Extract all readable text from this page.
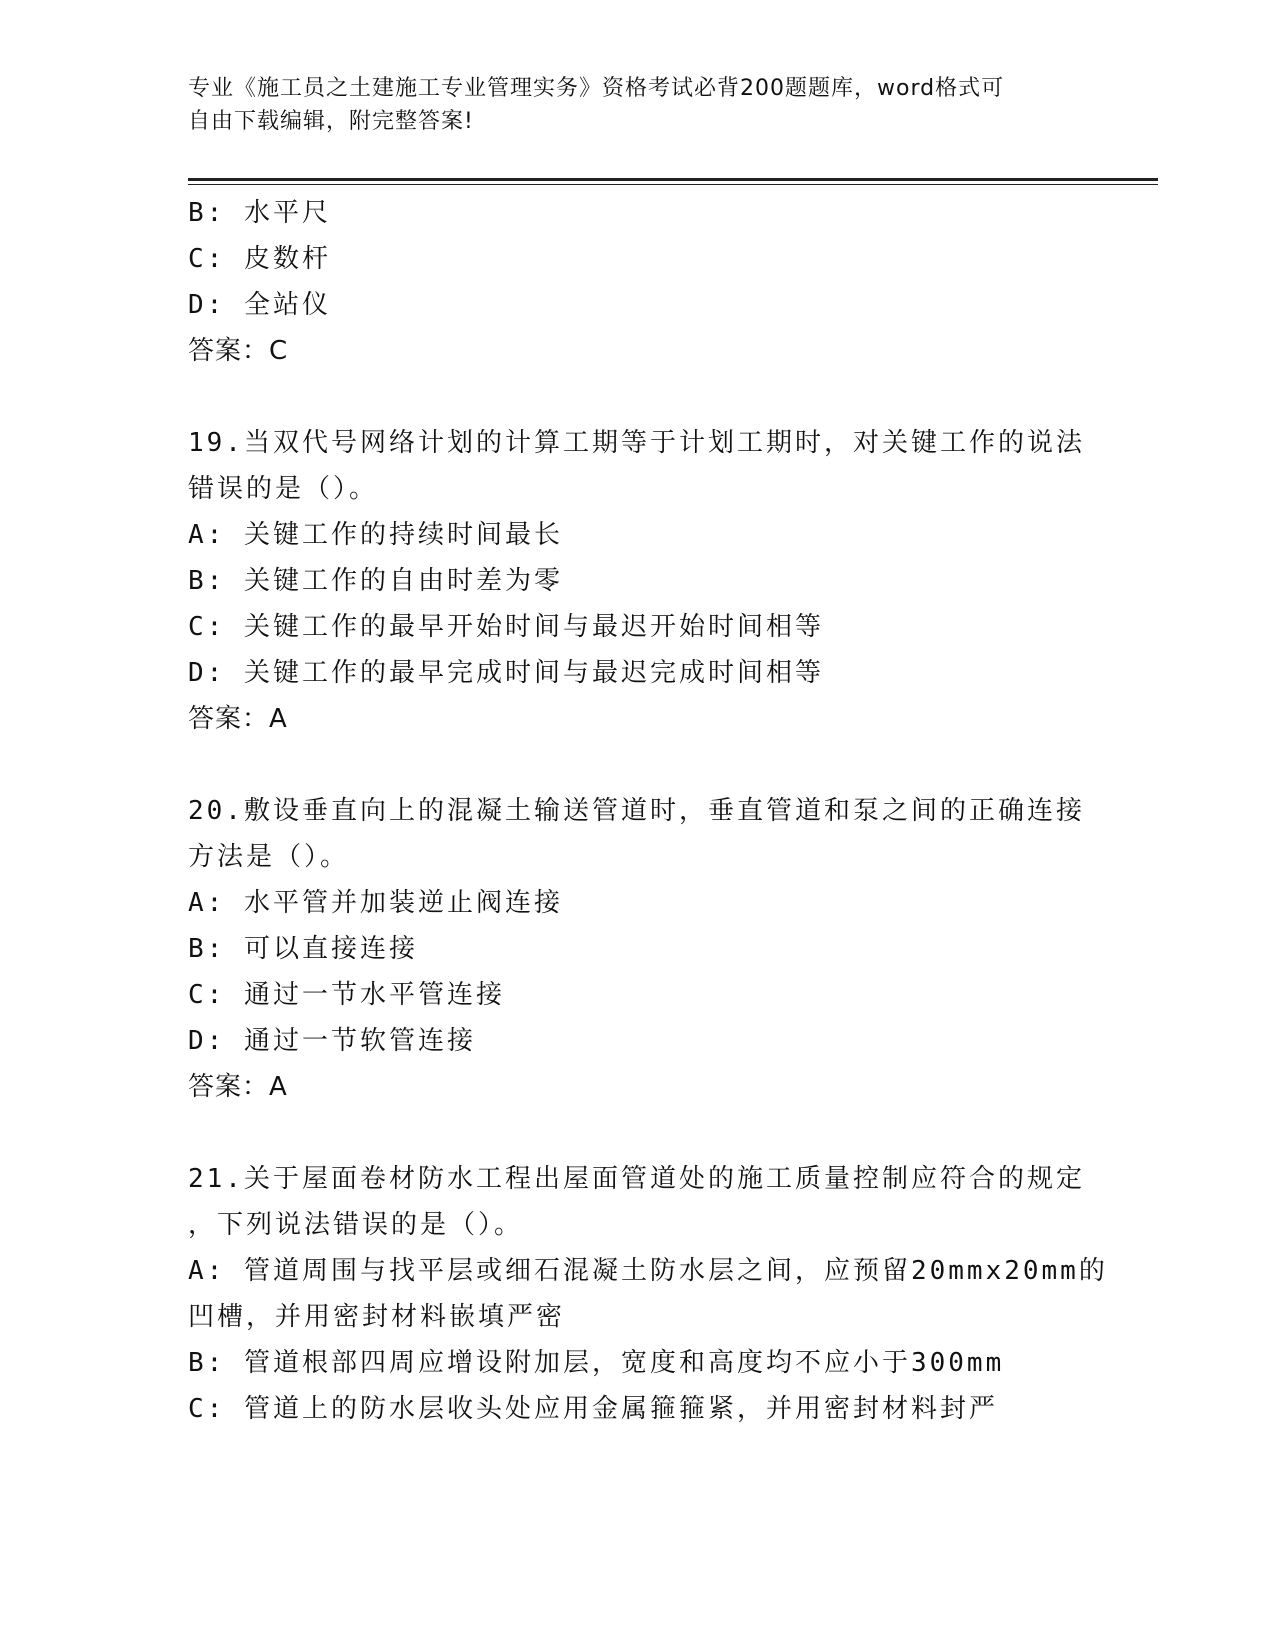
专业《施工员之土建施工专业管理实务》资格考试必背200题题库，word格式可
自由下载编辑，附完整答案!
B: 水平尺
C: 皮数杆
D: 全站仪
答案：C
19.当双代号网络计划的计算工期等于计划工期时，对关键工作的说法
错误的是（）。
A: 关键工作的持续时间最长
B: 关键工作的自由时差为零
C: 关键工作的最早开始时间与最迟开始时间相等
D: 关键工作的最早完成时间与最迟完成时间相等
答案：A
20.敷设垂直向上的混凝土输送管道时，垂直管道和泵之间的正确连接
方法是（）。
A: 水平管并加装逆止阀连接
B: 可以直接连接
C: 通过一节水平管连接
D: 通过一节软管连接
答案：A
21.关于屋面卷材防水工程出屋面管道处的施工质量控制应符合的规定
，下列说法错误的是（）。
A: 管道周围与找平层或细石混凝土防水层之间，应预留20mmx20mm的
凹槽，并用密封材料嵌填严密
B: 管道根部四周应增设附加层，宽度和高度均不应小于300mm
C: 管道上的防水层收头处应用金属箍箍紧，并用密封材料封严
